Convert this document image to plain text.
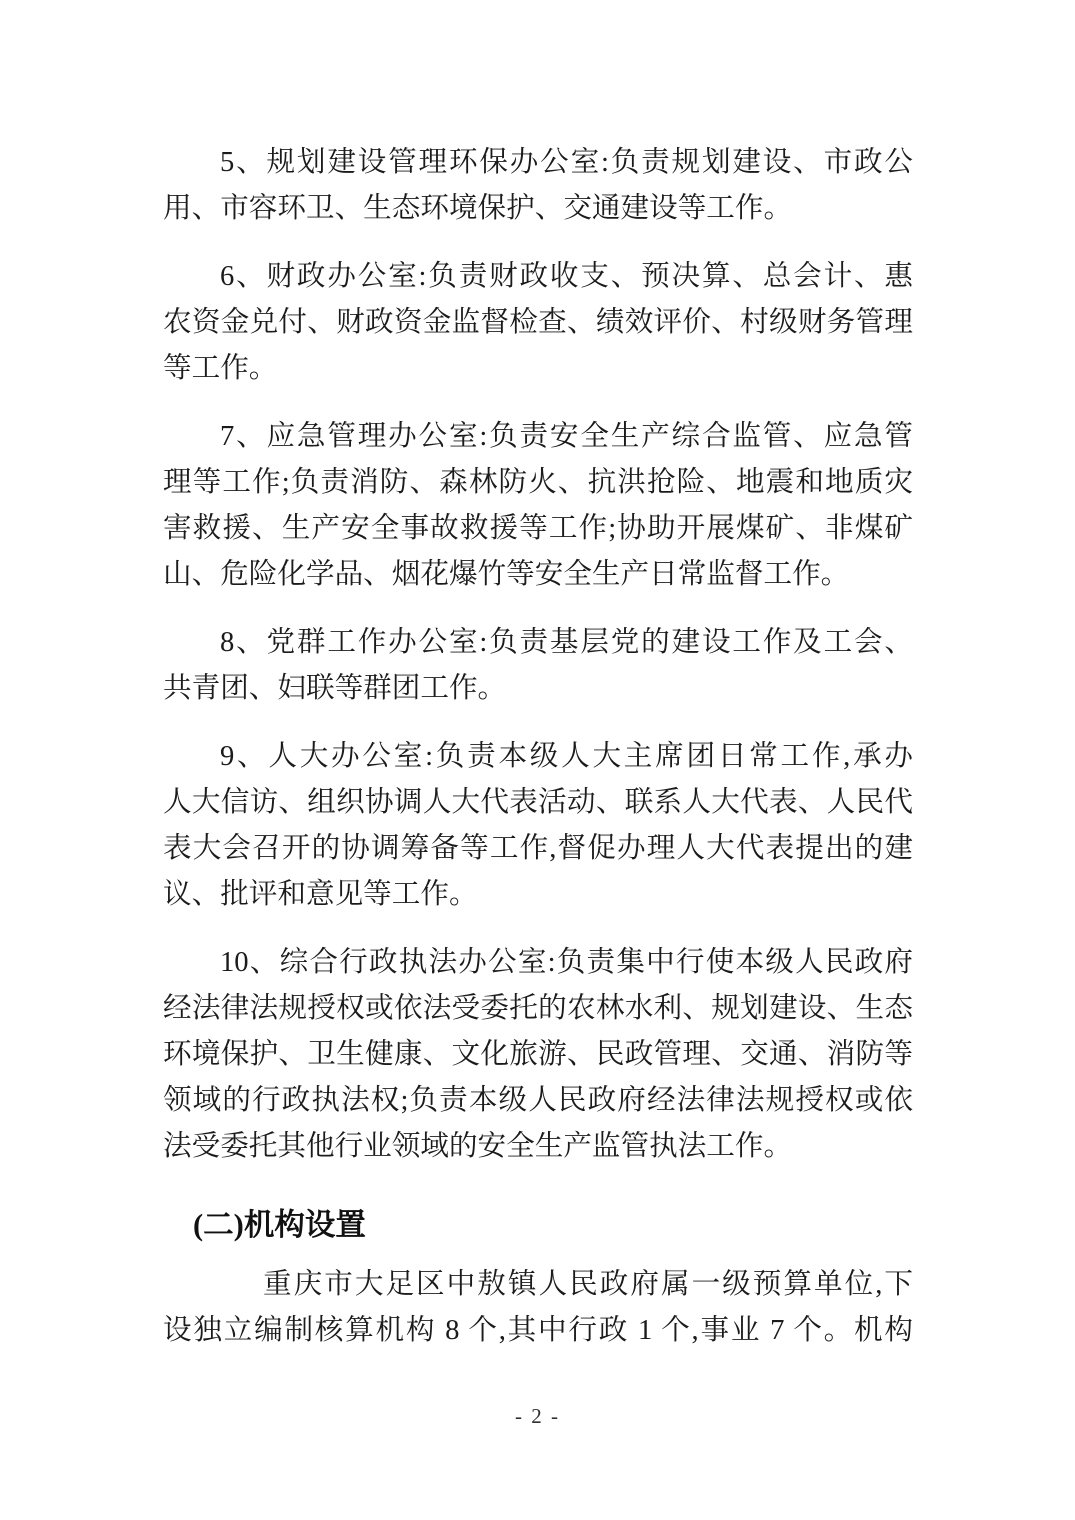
5、规划建设管理环保办公室:负责规划建设、市政公
用、市容环卫、生态环境保护、交通建设等工作。
6、财政办公室:负责财政收支、预决算、总会计、惠
农资金兑付、财政资金监督检查、绩效评价、村级财务管理
等工作。
7、应急管理办公室:负责安全生产综合监管、应急管
理等工作;负责消防、森林防火、抗洪抢险、地震和地质灾
害救援、生产安全事故救援等工作;协助开展煤矿、非煤矿
山、危险化学品、烟花爆竹等安全生产日常监督工作。
8、党群工作办公室:负责基层党的建设工作及工会、
共青团、妇联等群团工作。
9、人大办公室:负责本级人大主席团日常工作,承办
人大信访、组织协调人大代表活动、联系人大代表、人民代
表大会召开的协调筹备等工作,督促办理人大代表提出的建
议、批评和意见等工作。
10、综合行政执法办公室:负责集中行使本级人民政府
经法律法规授权或依法受委托的农林水利、规划建设、生态
环境保护、卫生健康、文化旅游、民政管理、交通、消防等
领域的行政执法权;负责本级人民政府经法律法规授权或依
法受委托其他行业领域的安全生产监管执法工作。
(二)机构设置
重庆市大足区中敖镇人民政府属一级预算单位,下
设独立编制核算机构 8 个,其中行政 1 个,事业 7 个。机构
- 2 -
